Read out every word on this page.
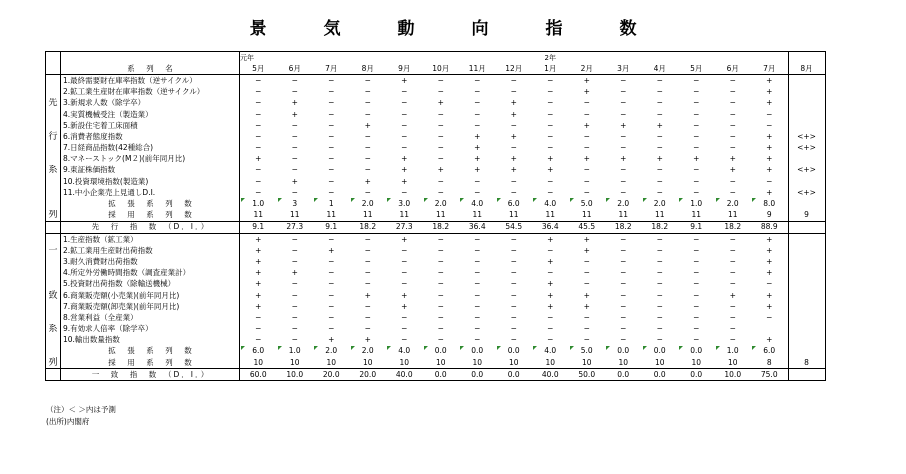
景　気　動　向　指　数
		元年								2年							
	系　列　名	5月	6月	7月	8月	9月	10月	11月	12月	1月	2月	3月	4月	5月	6月	7月	8月
	1.最終需要財在庫率指数（逆サイクル）	−	−	−	−	+	−	−	−	−	+	−	−	−	−	+	
	2.鉱工業生産財在庫率指数（逆サイクル）	−	−	−	−	−	−	−	−	−	+	−	−	−	−	+	
先	3.新規求人数（除学卒）	−	+	−	−	−	+	−	+	−	−	−	−	−	−	+	
	4.実質機械受注（製造業）	−	+	−	−	−	−	−	+	−	−	−	−	−	−	−	
	5.新設住宅着工床面積	−	−	−	+	−	−	−	−	−	+	+	+	−	−	−	
行	6.消費者態度指数	−	−	−	−	−	−	+	+	−	−	−	−	−	−	+	<+>
	7.日経商品指数(42種総合)	−	−	−	−	−	−	+	−	−	−	−	−	−	−	+	<+>
	8.マネーストック(M２)(前年同月比)	+	−	−	−	+	−	+	+	+	+	+	+	+	+	+	
系	9.東証株価指数	−	−	−	−	+	+	+	+	+	−	−	−	−	+	+	<+>
	10.投資環境指数(製造業)	−	+	−	+	+	−	−	−	−	−	−	−	−	−	−	
	11.中小企業売上見通しD.I.	−	−	−	−	−	−	−	−	−	−	−	−	−	−	+	<+>
	拡　張　系　列　数	1.0	3	1	2.0	3.0	2.0	4.0	6.0	4.0	5.0	2.0	2.0	1.0	2.0	8.0	
列	採　用　系　列　数	11	11	11	11	11	11	11	11	11	11	11	11	11	11	9	9
	先　行　指　数　（D．I．）	9.1	27.3	9.1	18.2	27.3	18.2	36.4	54.5	36.4	45.5	18.2	18.2	9.1	18.2	88.9	
	1.生産指数（鉱工業）	+	−	−	−	+	−	−	−	+	+	−	−	−	−	+	
一	2.鉱工業用生産財出荷指数	+	−	+	−	−	−	−	−	−	+	−	−	−	−	+	
	3.耐久消費財出荷指数	+	−	−	−	−	−	−	−	+	−	−	−	−	−	+	
	4.所定外労働時間指数（調査産業計）	+	+	−	−	−	−	−	−	−	−	−	−	−	−	+	
	5.投資財出荷指数（除輸送機械）	+	−	−	−	−	−	−	−	+	−	−	−	−	−	−	
致	6.商業販売額(小売業)(前年同月比)	+	−	−	+	+	−	−	−	+	+	−	−	−	+	+	
	7.商業販売額(卸売業)(前年同月比)	+	−	−	−	+	−	−	−	+	+	−	−	−	−	+	
	8.営業利益（全産業）	−	−	−	−	−	−	−	−	−	−	−	−	−	−	−	
系	9.有効求人倍率（除学卒）	−	−	−	−	−	−	−	−	−	−	−	−	−	−		
	10.輸出数量指数	−	−	+	+	−	−	−	−	−	−	−	−	−	−	+	
	拡　張　系　列　数	6.0	1.0	2.0	2.0	4.0	0.0	0.0	0.0	4.0	5.0	0.0	0.0	0.0	1.0	6.0	
列	採　用　系　列　数	10	10	10	10	10	10	10	10	10	10	10	10	10	10	8	8
	一　致　指　数　（D．I．）	60.0	10.0	20.0	20.0	40.0	0.0	0.0	0.0	40.0	50.0	0.0	0.0	0.0	10.0	75.0	
（注）＜ ＞内は予測
(出所)内閣府
